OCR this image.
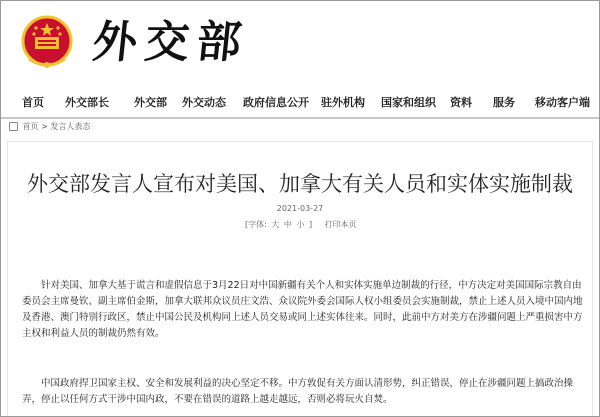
外交部
首页 外交部长 外交部 外交动态 政府信息公开 驻外机构 国家和组织 资料 服务 移动客户端
首页 > 发言人表态
外交部发言人宣布对美国、加拿大有关人员和实体实施制裁
2021-03-27
[字体: 大 中 小 ] 打印本页
针对美国、加拿大基于谎言和虚假信息于3月22日对中国新疆有关个人和实体实施单边制裁的行径，中方决定对美国国际宗教自由委员会主席曼钦、副主席伯金斯，加拿大联邦众议员庄文浩、众议院外委会国际人权小组委员会实施制裁，禁止上述人员入境中国内地及香港、澳门特别行政区，禁止中国公民及机构同上述人员交易或同上述实体往来。同时，此前中方对美方在涉疆问题上严重损害中方主权和利益人员的制裁仍然有效。
中国政府捍卫国家主权、安全和发展利益的决心坚定不移。中方敦促有关方面认清形势，纠正错误，停止在涉疆问题上搞政治操弄，停止以任何方式干涉中国内政，不要在错误的道路上越走越远，否则必将玩火自焚。
